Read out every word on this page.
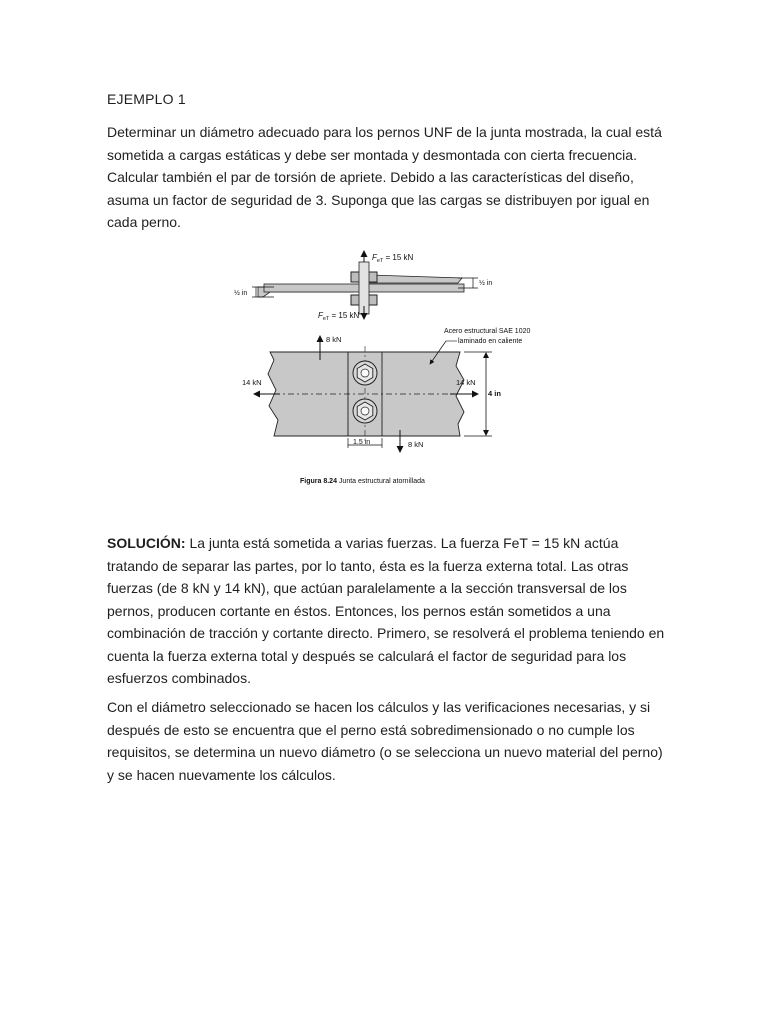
EJEMPLO 1

Determinar un diámetro adecuado para los pernos UNF de la junta mostrada, la cual está sometida a cargas estáticas y debe ser montada y desmontada con cierta frecuencia. Calcular también el par de torsión de apriete. Debido a las características del diseño, asuma un factor de seguridad de 3. Suponga que las cargas se distribuyen por igual en cada perno.

$F_{eT} = 15$ kN
$F_{eT} = 15$ kN
½ in
½ in
8 kN
8 kN
14 kN	14 kN
4 in
1.5 in
Acero estructural SAE 1020
laminado en caliente
Figura 8.24 Junta estructural atornillada

SOLUCIÓN: La junta está sometida a varias fuerzas. La fuerza FeT = 15 kN actúa tratando de separar las partes, por lo tanto, ésta es la fuerza externa total. Las otras fuerzas (de 8 kN y 14 kN), que actúan paralelamente a la sección transversal de los pernos, producen cortante en éstos. Entonces, los pernos están sometidos a una combinación de tracción y cortante directo. Primero, se resolverá el problema teniendo en cuenta la fuerza externa total y después se calculará el factor de seguridad para los esfuerzos combinados.

Con el diámetro seleccionado se hacen los cálculos y las verificaciones necesarias, y si después de esto se encuentra que el perno está sobredimensionado o no cumple los requisitos, se determina un nuevo diámetro (o se selecciona un nuevo material del perno) y se hacen nuevamente los cálculos.
